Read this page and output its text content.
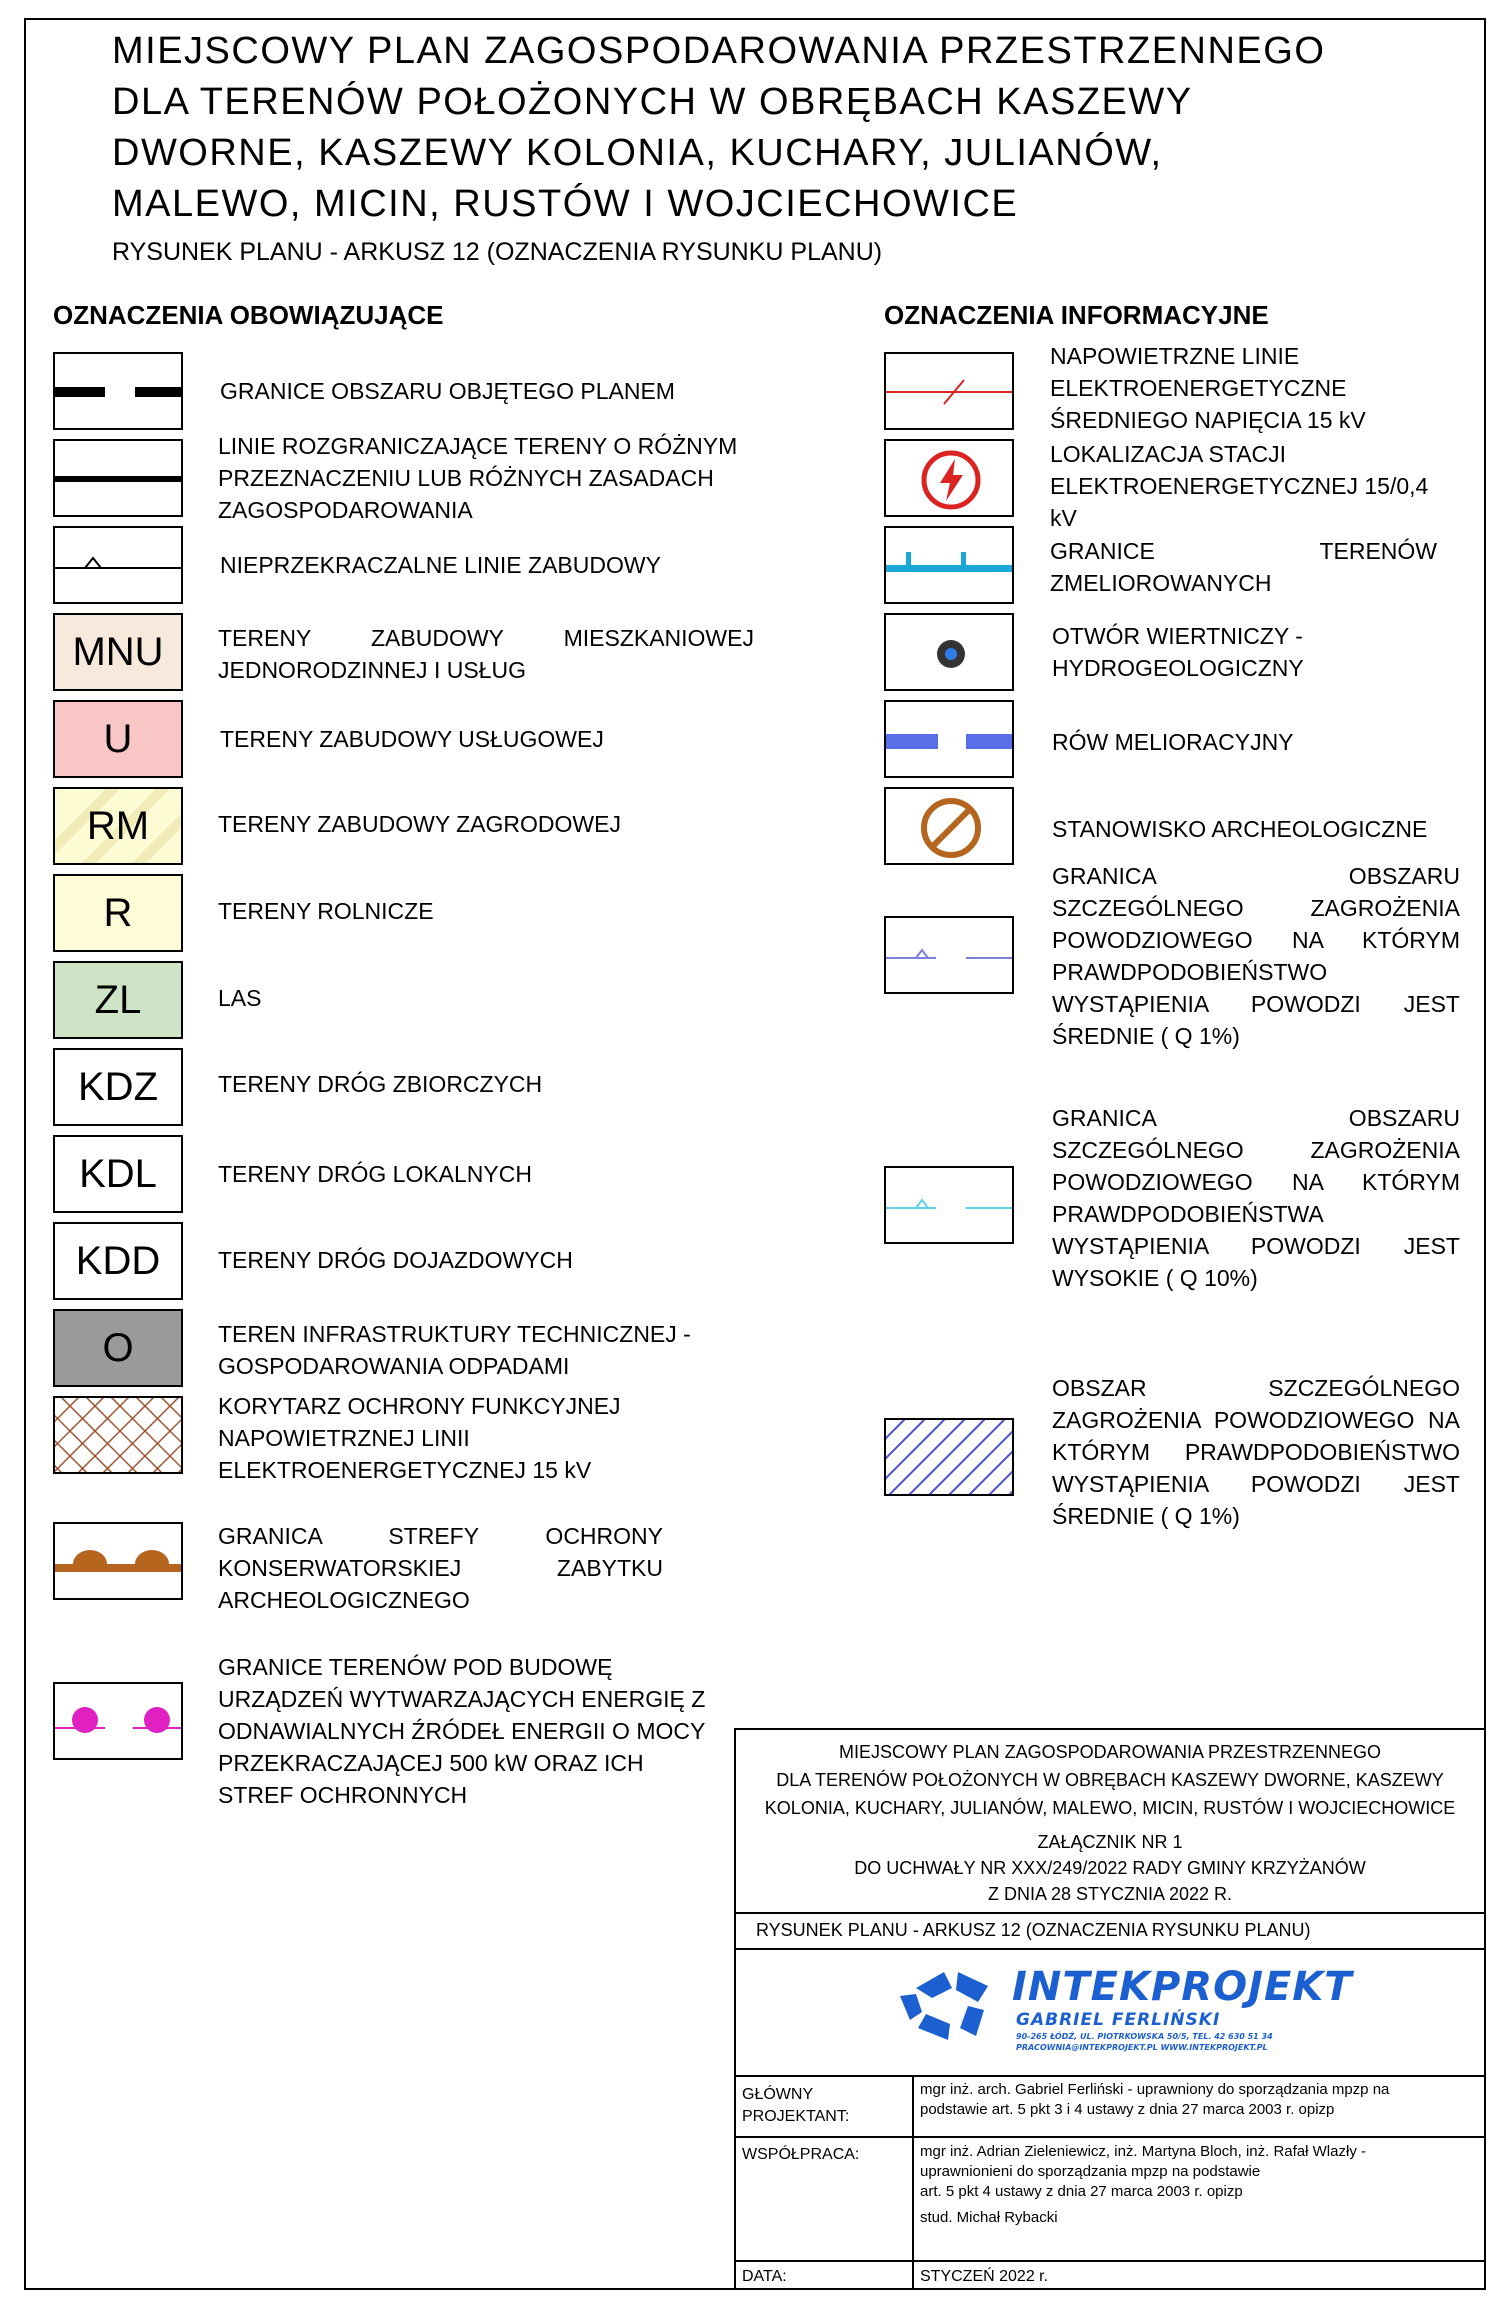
MIEJSCOWY PLAN ZAGOSPODAROWANIA PRZESTRZENNEGO
DLA TERENÓW POŁOŻONYCH W OBRĘBACH KASZEWY
DWORNE, KASZEWY KOLONIA, KUCHARY, JULIANÓW,
MALEWO, MICIN, RUSTÓW I WOJCIECHOWICE
RYSUNEK PLANU - ARKUSZ 12 (OZNACZENIA RYSUNKU PLANU)
OZNACZENIA OBOWIĄZUJĄCE	OZNACZENIA INFORMACYJNE
GRANICE OBSZARU OBJĘTEGO PLANEM
LINIE ROZGRANICZAJĄCE TERENY O RÓŻNYM PRZEZNACZENIU LUB RÓŻNYCH ZASADACH ZAGOSPODAROWANIA
NIEPRZEKRACZALNE LINIE ZABUDOWY
MNU	TERENY ZABUDOWY MIESZKANIOWEJ JEDNORODZINNEJ I USŁUG
U	TERENY ZABUDOWY USŁUGOWEJ
RM	TERENY ZABUDOWY ZAGRODOWEJ
R	TERENY ROLNICZE
ZL	LAS
KDZ	TERENY DRÓG ZBIORCZYCH
KDL	TERENY DRÓG LOKALNYCH
KDD	TERENY DRÓG DOJAZDOWYCH
O	TEREN INFRASTRUKTURY TECHNICZNEJ - GOSPODAROWANIA ODPADAMI
KORYTARZ OCHRONY FUNKCYJNEJ NAPOWIETRZNEJ LINII ELEKTROENERGETYCZNEJ 15 kV
GRANICA STREFY OCHRONY KONSERWATORSKIEJ ZABYTKU ARCHEOLOGICZNEGO
GRANICE TERENÓW POD BUDOWĘ URZĄDZEŃ WYTWARZAJĄCYCH ENERGIĘ Z ODNAWIALNYCH ŹRÓDEŁ ENERGII O MOCY PRZEKRACZAJĄCEJ 500 kW ORAZ ICH STREF OCHRONNYCH
NAPOWIETRZNE LINIE ELEKTROENERGETYCZNE ŚREDNIEGO NAPIĘCIA 15 kV
LOKALIZACJA STACJI ELEKTROENERGETYCZNEJ 15/0,4 kV
GRANICE TERENÓW ZMELIOROWANYCH
OTWÓR WIERTNICZY - HYDROGEOLOGICZNY
RÓW MELIORACYJNY
STANOWISKO ARCHEOLOGICZNE
GRANICA OBSZARU SZCZEGÓLNEGO ZAGROŻENIA POWODZIOWEGO NA KTÓRYM PRAWDPODOBIEŃSTWO WYSTĄPIENIA POWODZI JEST ŚREDNIE ( Q 1%)
GRANICA OBSZARU SZCZEGÓLNEGO ZAGROŻENIA POWODZIOWEGO NA KTÓRYM PRAWDPODOBIEŃSTWA WYSTĄPIENIA POWODZI JEST WYSOKIE ( Q 10%)
OBSZAR SZCZEGÓLNEGO ZAGROŻENIA POWODZIOWEGO NA KTÓRYM PRAWDPODOBIEŃSTWO WYSTĄPIENIA POWODZI JEST ŚREDNIE ( Q 1%)
MIEJSCOWY PLAN ZAGOSPODAROWANIA PRZESTRZENNEGO
DLA TERENÓW POŁOŻONYCH W OBRĘBACH KASZEWY DWORNE, KASZEWY
KOLONIA, KUCHARY, JULIANÓW, MALEWO, MICIN, RUSTÓW I WOJCIECHOWICE
ZAŁĄCZNIK NR 1
DO UCHWAŁY NR XXX/249/2022 RADY GMINY KRZYŻANÓW
Z DNIA 28 STYCZNIA 2022 R.
RYSUNEK PLANU - ARKUSZ 12 (OZNACZENIA RYSUNKU PLANU)
INTEKPROJEKT
GABRIEL FERLIŃSKI
90-265 ŁÓDŹ, UL. PIOTRKOWSKA 50/5, TEL. 42 630 51 34
PRACOWNIA@INTEKPROJEKT.PL WWW.INTEKPROJEKT.PL
GŁÓWNY
PROJEKTANT:
mgr inż. arch. Gabriel Ferliński - uprawniony do sporządzania mpzp na
podstawie art. 5 pkt 3 i 4 ustawy z dnia 27 marca 2003 r. opizp
WSPÓŁPRACA:	mgr inż. Adrian Zieleniewicz, inż. Martyna Bloch, inż. Rafał Wlazły -
uprawnionieni do sporządzania mpzp na podstawie
art. 5 pkt 4 ustawy z dnia 27 marca 2003 r. opizp
stud. Michał Rybacki
DATA:	STYCZEŃ 2022 r.
